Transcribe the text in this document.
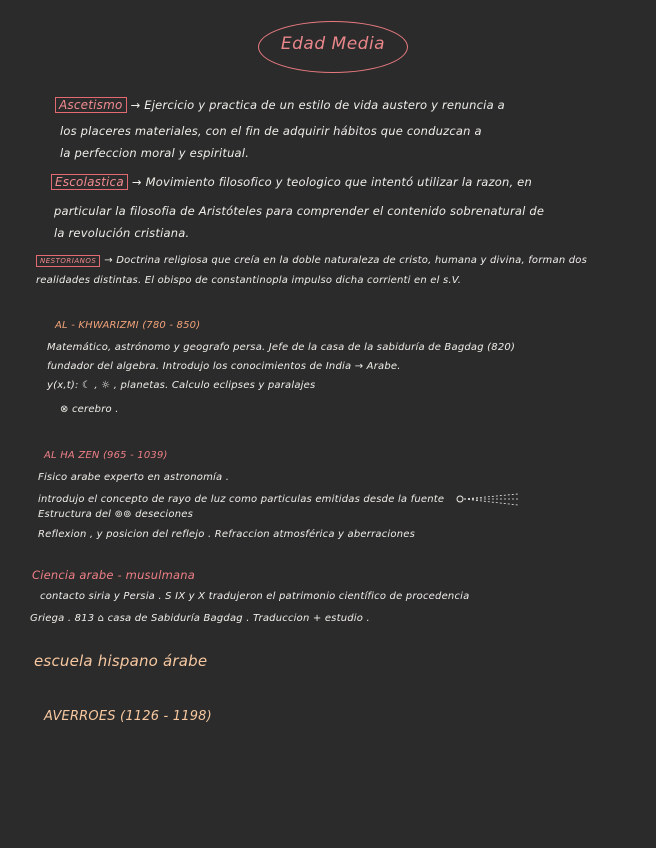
Edad Media
Ascetismo → Ejercicio y practica de un estilo de vida austero y renuncia a
los placeres materiales, con el fin de adquirir hábitos que conduzcan a
la perfeccion moral y espiritual.
Escolastica → Movimiento filosofico y teologico que intentó utilizar la razon, en
particular la filosofia de Aristóteles para comprender el contenido sobrenatural de
la revolución cristiana.
NESTORIANOS → Doctrina religiosa que creía en la doble naturaleza de cristo, humana y divina, forman dos
realidades distintas. El obispo de constantinopla impulso dicha corrienti en el s.V.
AL - KHWARIZMI (780 - 850)
Matemático, astrónomo y geografo persa. Jefe de la casa de la sabiduría de Bagdag (820)
fundador del algebra. Introdujo los conocimientos de India → Arabe.
y(x,t): ☾ , ☼ , planetas. Calculo eclipses y paralajes
⊗ cerebro .
AL HA ZEN (965 - 1039)
Fisico arabe experto en astronomía .
introdujo el concepto de rayo de luz como particulas emitidas desde la fuente
Estructura del ⊚⊚ deseciones
Reflexion , y posicion del reflejo . Refraccion atmosférica y aberraciones
Ciencia arabe - musulmana
contacto siria y Persia . S IX y X tradujeron el patrimonio científico de procedencia
Griega . 813 ⌂ casa de Sabiduría Bagdag . Traduccion + estudio .
escuela hispano árabe
AVERROES (1126 - 1198)
